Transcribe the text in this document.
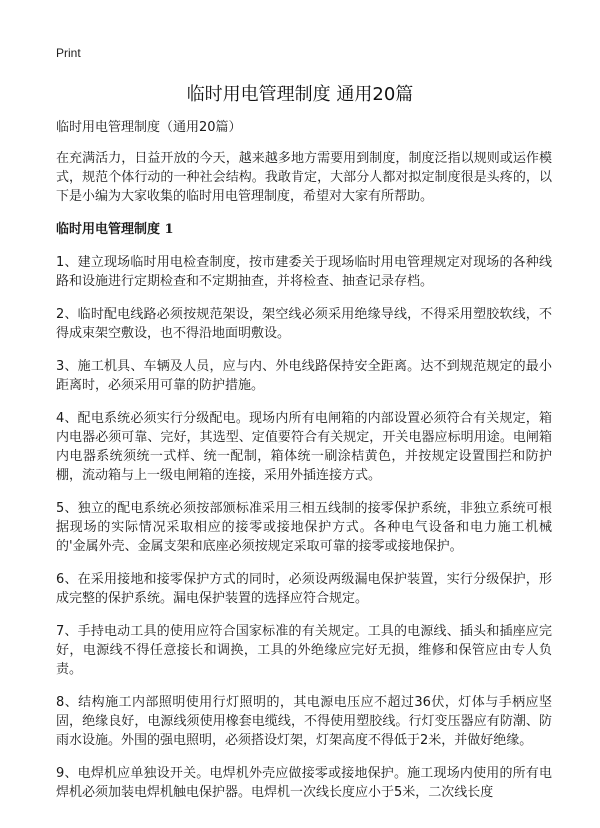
Print
临时用电管理制度 通用20篇

临时用电管理制度（通用20篇）

在充满活力，日益开放的今天，越来越多地方需要用到制度，制度泛指以规则或运作模式，规范个体行动的一种社会结构。我敢肯定，大部分人都对拟定制度很是头疼的，以下是小编为大家收集的临时用电管理制度，希望对大家有所帮助。

临时用电管理制度 1

1、建立现场临时用电检查制度，按市建委关于现场临时用电管理规定对现场的各种线路和设施进行定期检查和不定期抽查，并将检查、抽查记录存档。

2、临时配电线路必须按规范架设，架空线必须采用绝缘导线，不得采用塑胶软线，不得成束架空敷设，也不得沿地面明敷设。

3、施工机具、车辆及人员，应与内、外电线路保持安全距离。达不到规范规定的最小距离时，必须采用可靠的防护措施。

4、配电系统必须实行分级配电。现场内所有电闸箱的内部设置必须符合有关规定，箱内电器必须可靠、完好，其选型、定值要符合有关规定，开关电器应标明用途。电闸箱内电器系统须统一式样、统一配制，箱体统一刷涂桔黄色，并按规定设置围拦和防护棚，流动箱与上一级电闸箱的连接，采用外插连接方式。

5、独立的配电系统必须按部颁标准采用三相五线制的接零保护系统，非独立系统可根据现场的实际情况采取相应的接零或接地保护方式。各种电气设备和电力施工机械的'金属外壳、金属支架和底座必须按规定采取可靠的接零或接地保护。

6、在采用接地和接零保护方式的同时，必须设两级漏电保护装置，实行分级保护，形成完整的保护系统。漏电保护装置的选择应符合规定。

7、手持电动工具的使用应符合国家标准的有关规定。工具的电源线、插头和插座应完好，电源线不得任意接长和调换，工具的外绝缘应完好无损，维修和保管应由专人负责。

8、结构施工内部照明使用行灯照明的，其电源电压应不超过36伏，灯体与手柄应坚固，绝缘良好，电源线须使用橡套电缆线，不得使用塑胶线。行灯变压器应有防潮、防雨水设施。外围的强电照明，必须搭设灯架，灯架高度不得低于2米，并做好绝缘。

9、电焊机应单独设开关。电焊机外壳应做接零或接地保护。施工现场内使用的所有电焊机必须加装电焊机触电保护器。电焊机一次线长度应小于5米，二次线长度
